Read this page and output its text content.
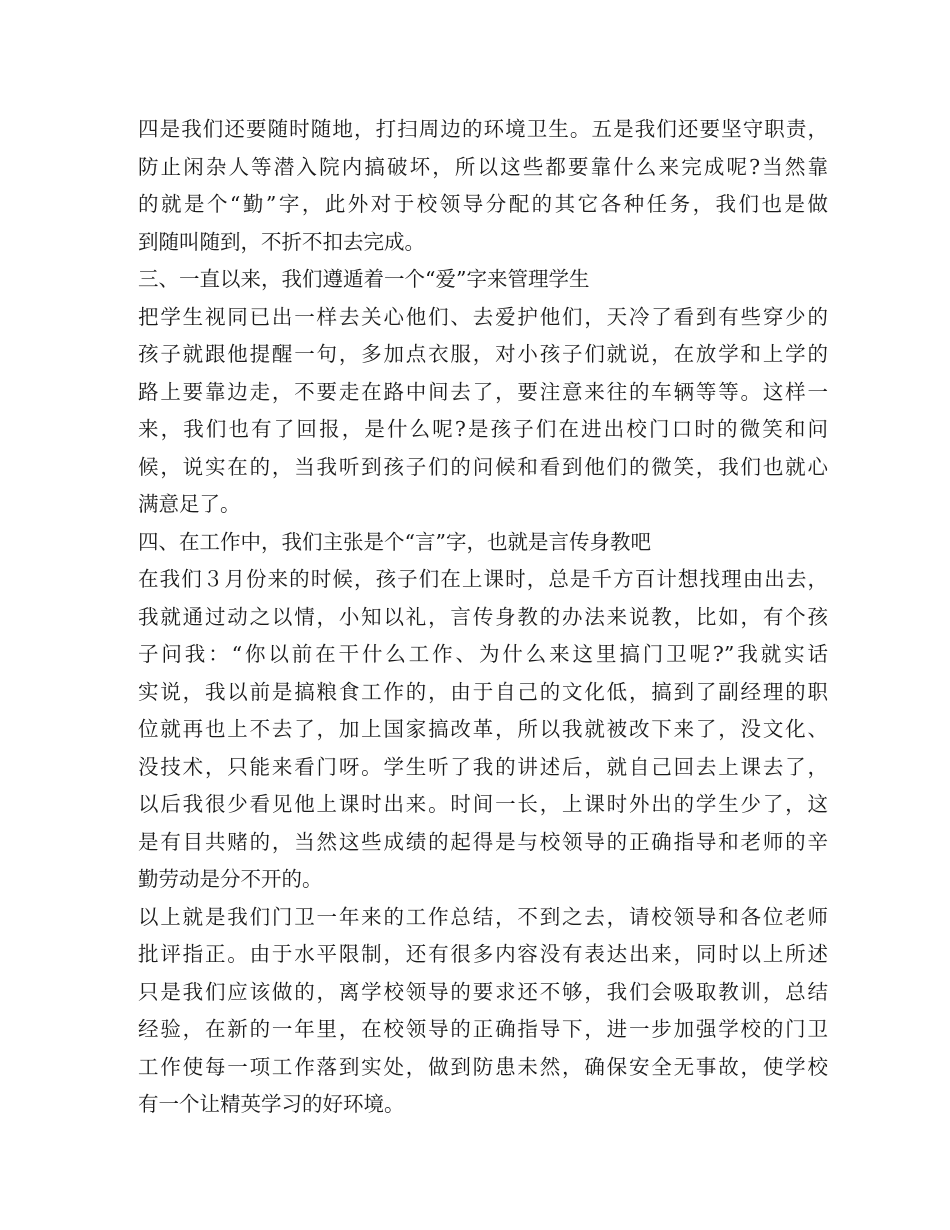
四是我们还要随时随地，打扫周边的环境卫生。五是我们还要坚守职责，
防止闲杂人等潜入院内搞破坏，所以这些都要靠什么来完成呢?当然靠
的就是个“勤”字，此外对于校领导分配的其它各种任务，我们也是做
到随叫随到，不折不扣去完成。
三、一直以来，我们遵遁着一个“爱”字来管理学生
把学生视同已出一样去关心他们、去爱护他们，天冷了看到有些穿少的
孩子就跟他提醒一句，多加点衣服，对小孩子们就说，在放学和上学的
路上要靠边走，不要走在路中间去了，要注意来往的车辆等等。这样一
来，我们也有了回报，是什么呢?是孩子们在进出校门口时的微笑和问
候，说实在的，当我听到孩子们的问候和看到他们的微笑，我们也就心
满意足了。
四、在工作中，我们主张是个“言”字，也就是言传身教吧
在我们３月份来的时候，孩子们在上课时，总是千方百计想找理由出去，
我就通过动之以情，小知以礼，言传身教的办法来说教，比如，有个孩
子问我：“你以前在干什么工作、为什么来这里搞门卫呢?”我就实话
实说，我以前是搞粮食工作的，由于自己的文化低，搞到了副经理的职
位就再也上不去了，加上国家搞改革，所以我就被改下来了，没文化、
没技术，只能来看门呀。学生听了我的讲述后，就自己回去上课去了，
以后我很少看见他上课时出来。时间一长，上课时外出的学生少了，这
是有目共赌的，当然这些成绩的起得是与校领导的正确指导和老师的辛
勤劳动是分不开的。
以上就是我们门卫一年来的工作总结，不到之去，请校领导和各位老师
批评指正。由于水平限制，还有很多内容没有表达出来，同时以上所述
只是我们应该做的，离学校领导的要求还不够，我们会吸取教训，总结
经验，在新的一年里，在校领导的正确指导下，进一步加强学校的门卫
工作使每一项工作落到实处，做到防患未然，确保安全无事故，使学校
有一个让精英学习的好环境。
